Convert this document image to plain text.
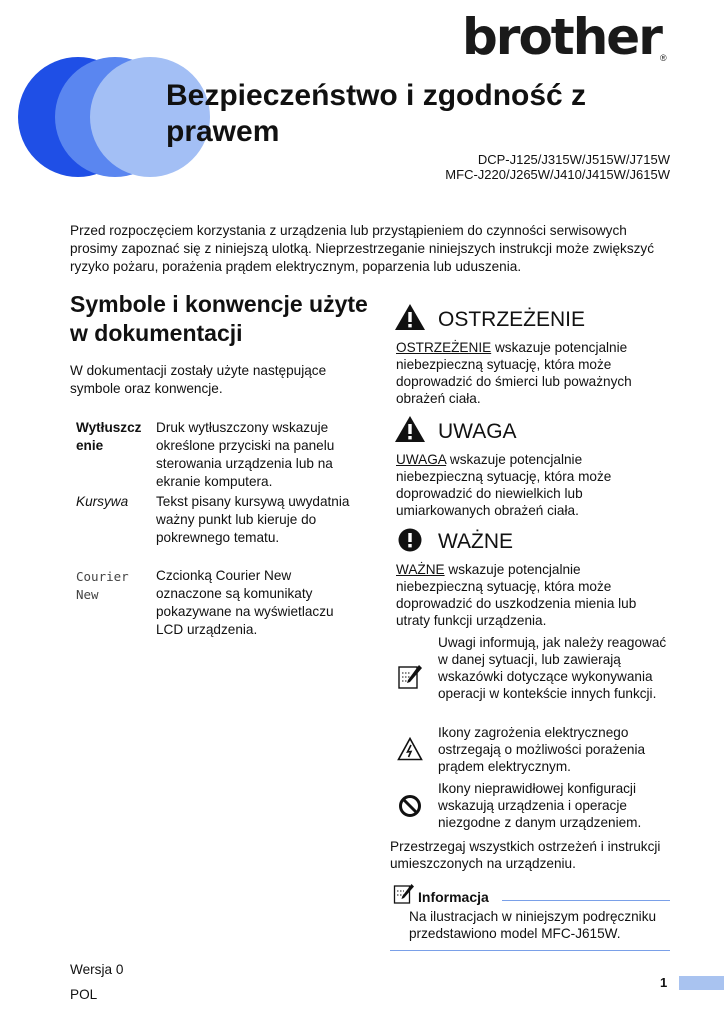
brother ®
Bezpieczeństwo i zgodność z prawem
DCP-J125/J315W/J515W/J715W
MFC-J220/J265W/J410/J415W/J615W
Przed rozpoczęciem korzystania z urządzenia lub przystąpieniem do czynności serwisowych prosimy zapoznać się z niniejszą ulotką. Nieprzestrzeganie niniejszych instrukcji może zwiększyć ryzyko pożaru, porażenia prądem elektrycznym, poparzenia lub uduszenia.
Symbole i konwencje użyte w dokumentacji
W dokumentacji zostały użyte następujące symbole oraz konwencje.
Wytłuszcz
enie
Druk wytłuszczony wskazuje określone przyciski na panelu sterowania urządzenia lub na ekranie komputera.
Kursywa	Tekst pisany kursywą uwydatnia ważny punkt lub kieruje do pokrewnego tematu.
Courier
New
Czcionką Courier New oznaczone są komunikaty pokazywane na wyświetlaczu LCD urządzenia.
OSTRZEŻENIE
OSTRZEŻENIE wskazuje potencjalnie niebezpieczną sytuację, która może doprowadzić do śmierci lub poważnych obrażeń ciała.
UWAGA
UWAGA wskazuje potencjalnie niebezpieczną sytuację, która może doprowadzić do niewielkich lub umiarkowanych obrażeń ciała.
WAŻNE
WAŻNE wskazuje potencjalnie niebezpieczną sytuację, która może doprowadzić do uszkodzenia mienia lub utraty funkcji urządzenia.
Uwagi informują, jak należy reagować w danej sytuacji, lub zawierają wskazówki dotyczące wykonywania operacji w kontekście innych funkcji.
Ikony zagrożenia elektrycznego ostrzegają o możliwości porażenia prądem elektrycznym.
Ikony nieprawidłowej konfiguracji wskazują urządzenia i operacje niezgodne z danym urządzeniem.
Przestrzegaj wszystkich ostrzeżeń i instrukcji umieszczonych na urządzeniu.
Informacja
Na ilustracjach w niniejszym podręczniku przedstawiono model MFC-J615W.
Wersja 0
POL
1
